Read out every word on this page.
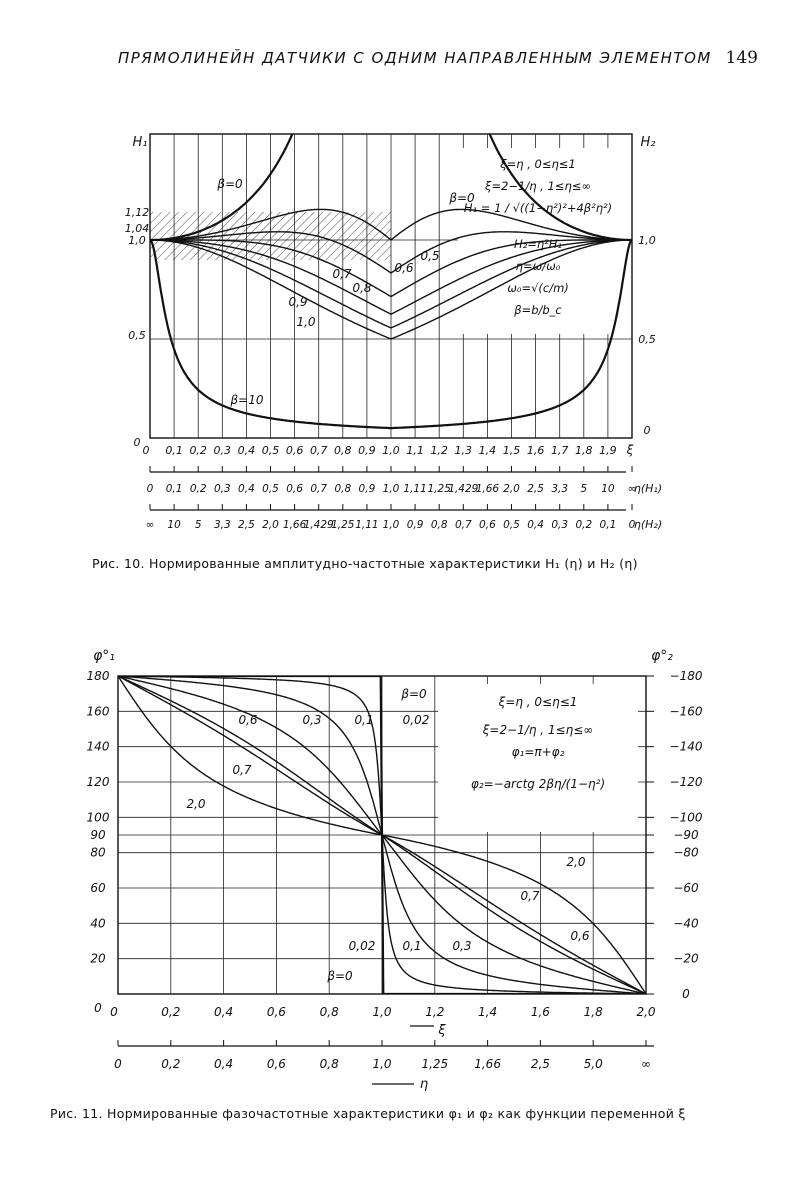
ПРЯМОЛИНЕЙН ДАТЧИКИ С ОДНИМ НАПРАВЛЕННЫМ ЭЛЕМЕНТОМ 149
β=0
β=0
β=10
0,5
0,6
0,7
0,8
0,9
1,0
ξ=η , 0≤η≤1
ξ=2−1/η , 1≤η≤∞
H₁ = 1 / √((1−η²)²+4β²η²)
H₂=η²H₁
η=ω/ω₀
ω₀=√(c/m)
β=b/b_c
H₁	H₂
1,12
1,04
1,0
0,5
0
1,0
0,5
0
0 0,1 0,2 0,3 0,4 0,5 0,6 0,7 0,8 0,9 1,0 1,1 1,2 1,3 1,4 1,5 1,6 1,7 1,8 1,9 ξ
0 0,1 0,2 0,3 0,4 0,5 0,6 0,7 0,8 0,9 1,0 1,11 1,25
1,429
1,66 2,0 2,5 3,3 5 10 ∞
η(H₁)
∞ 10 5 3,3 2,5 2,0 1,66
1,429
1,25 1,11 1,0 0,9 0,8 0,7 0,6 0,5 0,4 0,3 0,2 0,1 0
η(H₂)
β=0
0,02
0,1
0,3
0,6
0,7
2,0
β=0
0,02 0,1	0,3
0,6
0,7
2,0
ξ=η , 0≤η≤1
ξ=2−1/η , 1≤η≤∞
φ₁=π+φ₂
φ₂=−arctg 2βη/(1−η²)
φ°₁	φ°₂
180
160
140
120
100
90
80
60
40
20
0
0
−20
−40
−60
−80
−90
−100
−120
−140
−160
−180
0	0,2	0,4	0,6	0,8	1,0	1,2	1,4	1,6	1,8	2,0
ξ
0	0,2	0,4	0,6	0,8	1,0 1,25 1,66 2,5	5,0	∞
η
Рис. 10. Нормированные амплитудно-частотные характеристики H₁ (η) и H₂ (η)
Рис. 11. Нормированные фазочастотные характеристики φ₁ и φ₂ как функции переменной ξ
